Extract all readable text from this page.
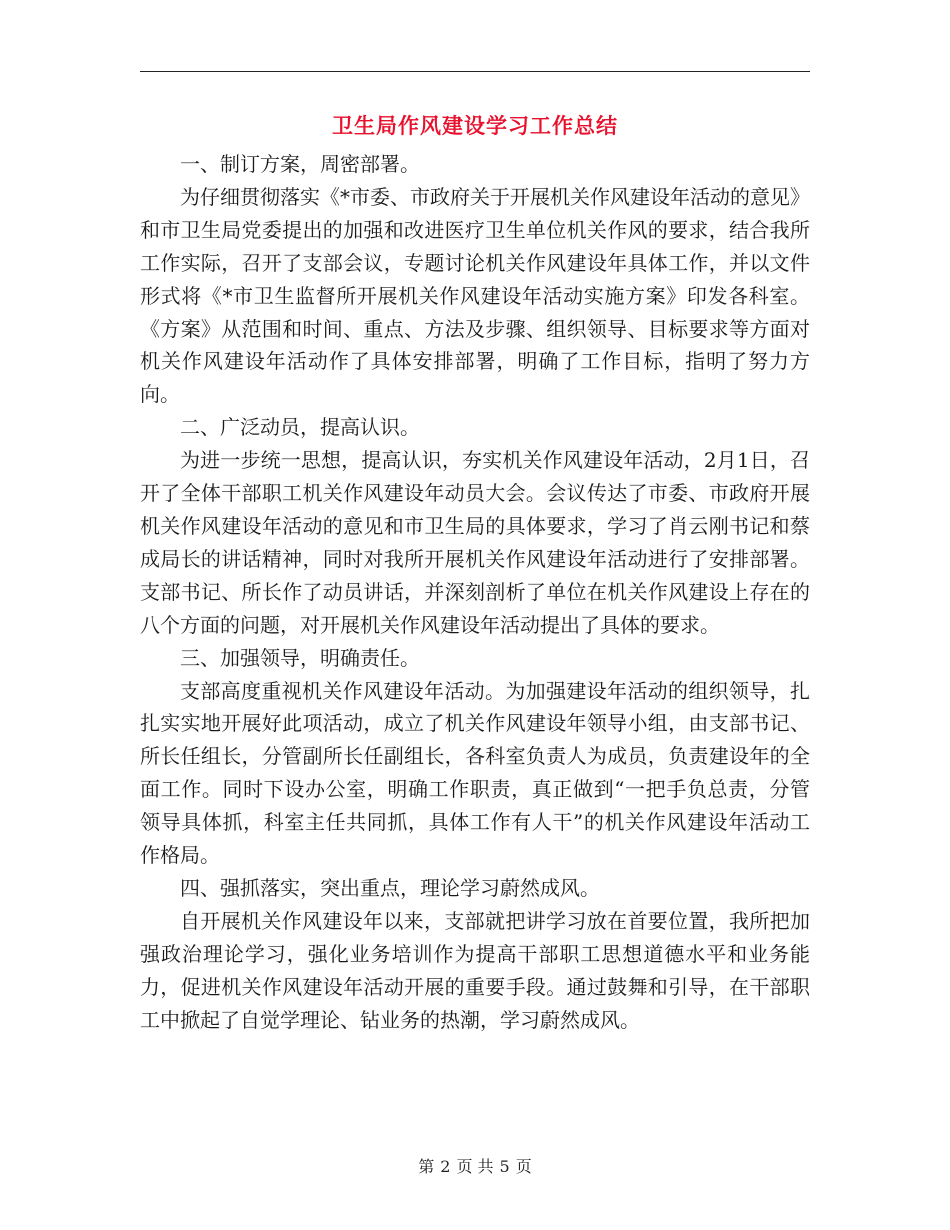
卫生局作风建设学习工作总结

一、制订方案，周密部署。

为仔细贯彻落实《*市委、市政府关于开展机关作风建设年活动的意见》和市卫生局党委提出的加强和改进医疗卫生单位机关作风的要求，结合我所工作实际，召开了支部会议，专题讨论机关作风建设年具体工作，并以文件形式将《*市卫生监督所开展机关作风建设年活动实施方案》印发各科室。《方案》从范围和时间、重点、方法及步骤、组织领导、目标要求等方面对机关作风建设年活动作了具体安排部署，明确了工作目标，指明了努力方向。

二、广泛动员，提高认识。

为进一步统一思想，提高认识，夯实机关作风建设年活动，2月1日，召开了全体干部职工机关作风建设年动员大会。会议传达了市委、市政府开展机关作风建设年活动的意见和市卫生局的具体要求，学习了肖云刚书记和蔡成局长的讲话精神，同时对我所开展机关作风建设年活动进行了安排部署。支部书记、所长作了动员讲话，并深刻剖析了单位在机关作风建设上存在的八个方面的问题，对开展机关作风建设年活动提出了具体的要求。

三、加强领导，明确责任。

支部高度重视机关作风建设年活动。为加强建设年活动的组织领导，扎扎实实地开展好此项活动，成立了机关作风建设年领导小组，由支部书记、所长任组长，分管副所长任副组长，各科室负责人为成员，负责建设年的全面工作。同时下设办公室，明确工作职责，真正做到“一把手负总责，分管领导具体抓，科室主任共同抓，具体工作有人干”的机关作风建设年活动工作格局。

四、强抓落实，突出重点，理论学习蔚然成风。

自开展机关作风建设年以来，支部就把讲学习放在首要位置，我所把加强政治理论学习，强化业务培训作为提高干部职工思想道德水平和业务能力，促进机关作风建设年活动开展的重要手段。通过鼓舞和引导，在干部职工中掀起了自觉学理论、钻业务的热潮，学习蔚然成风。

第 2 页 共 5 页
